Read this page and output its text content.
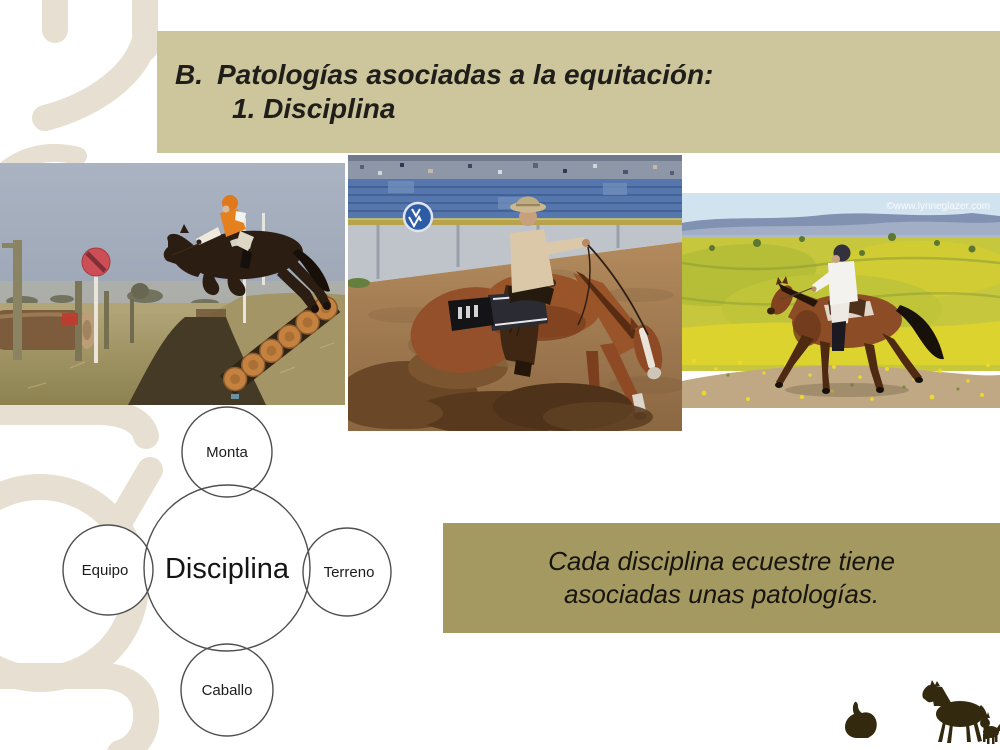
B. Patologías asociadas a la equitación:
1. Disciplina
©www.lynneglazer.com
Monta
Equipo	Terreno
Caballo
Disciplina	Cada disciplina ecuestre tiene
asociadas unas patologías.
